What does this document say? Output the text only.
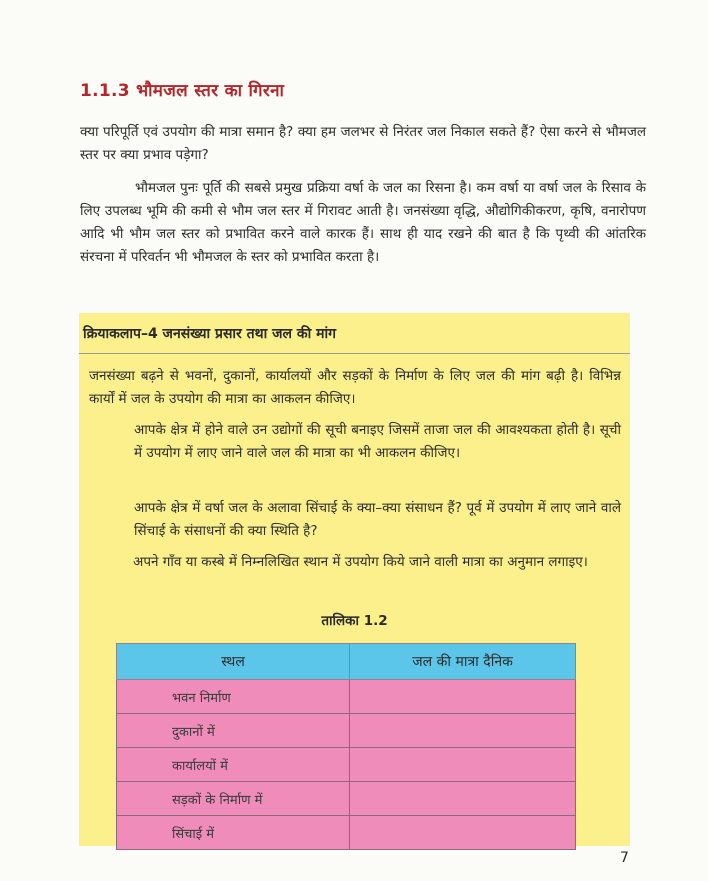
1.1.3 भौमजल स्तर का गिरना

क्या परिपूर्ति एवं उपयोग की मात्रा समान है? क्या हम जलभर से निरंतर जल निकाल सकते हैं? ऐसा करने से भौमजल स्तर पर क्या प्रभाव पड़ेगा?

भौमजल पुनः पूर्ति की सबसे प्रमुख प्रक्रिया वर्षा के जल का रिसना है। कम वर्षा या वर्षा जल के रिसाव के लिए उपलब्ध भूमि की कमी से भौम जल स्तर में गिरावट आती है। जनसंख्या वृद्धि, औद्योगिकीकरण, कृषि, वनारोपण आदि भी भौम जल स्तर को प्रभावित करने वाले कारक हैं। साथ ही याद रखने की बात है कि पृथ्वी की आंतरिक संरचना में परिवर्तन भी भौमजल के स्तर को प्रभावित करता है।

क्रियाकलाप–4 जनसंख्या प्रसार तथा जल की मांग

जनसंख्या बढ़ने से भवनों, दुकानों, कार्यालयों और सड़कों के निर्माण के लिए जल की मांग बढ़ी है। विभिन्न कार्यों में जल के उपयोग की मात्रा का आकलन कीजिए।

आपके क्षेत्र में होने वाले उन उद्योगों की सूची बनाइए जिसमें ताजा जल की आवश्यकता होती है। सूची में उपयोग में लाए जाने वाले जल की मात्रा का भी आकलन कीजिए।

आपके क्षेत्र में वर्षा जल के अलावा सिंचाई के क्या–क्या संसाधन हैं? पूर्व में उपयोग में लाए जाने वाले सिंचाई के संसाधनों की क्या स्थिति है?

अपने गाँव या कस्बे में निम्नलिखित स्थान में उपयोग किये जाने वाली मात्रा का अनुमान लगाइए।

तालिका 1.2
स्थल	जल की मात्रा दैनिक
भवन निर्माण	
दुकानों में	
कार्यालयों में	
सड़कों के निर्माण में	
सिंचाई में	
7
